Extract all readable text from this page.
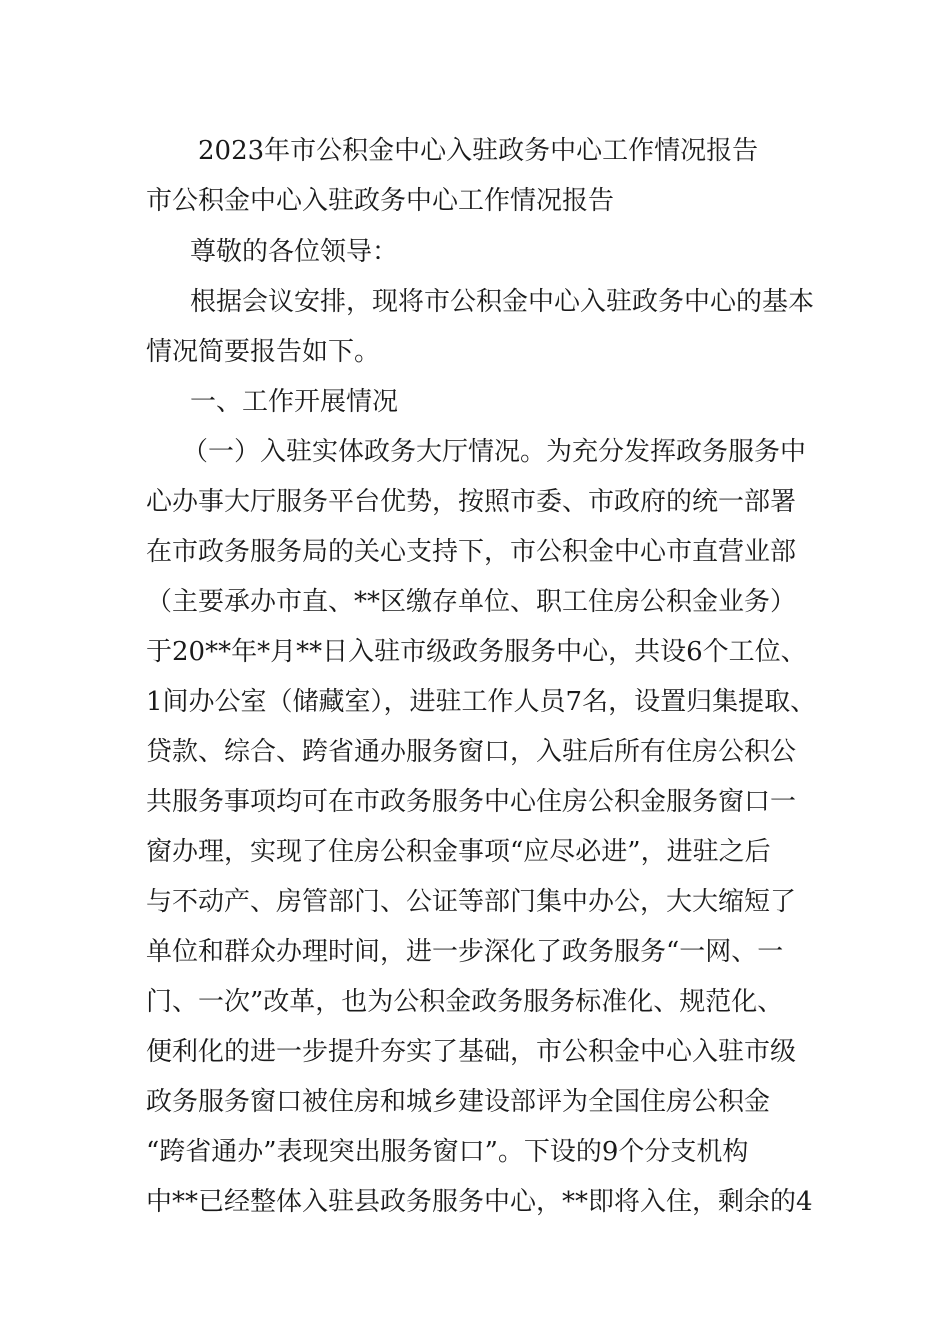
2023年市公积金中心入驻政务中心工作情况报告
市公积金中心入驻政务中心工作情况报告
尊敬的各位领导：
根据会议安排，现将市公积金中心入驻政务中心的基本
情况简要报告如下。
一、工作开展情况
（一）入驻实体政务大厅情况。为充分发挥政务服务中
心办事大厅服务平台优势，按照市委、市政府的统一部署
在市政务服务局的关心支持下，市公积金中心市直营业部
（主要承办市直、**区缴存单位、职工住房公积金业务）
于20**年*月**日入驻市级政务服务中心，共设6个工位、
1间办公室（储藏室），进驻工作人员7名，设置归集提取、
贷款、综合、跨省通办服务窗口，入驻后所有住房公积公
共服务事项均可在市政务服务中心住房公积金服务窗口一
窗办理，实现了住房公积金事项“应尽必进”，进驻之后
与不动产、房管部门、公证等部门集中办公，大大缩短了
单位和群众办理时间，进一步深化了政务服务“一网、一
门、一次”改革，也为公积金政务服务标准化、规范化、
便利化的进一步提升夯实了基础，市公积金中心入驻市级
政务服务窗口被住房和城乡建设部评为全国住房公积金
“跨省通办”表现突出服务窗口”。下设的9个分支机构
中**已经整体入驻县政务服务中心，**即将入住，剩余的4
